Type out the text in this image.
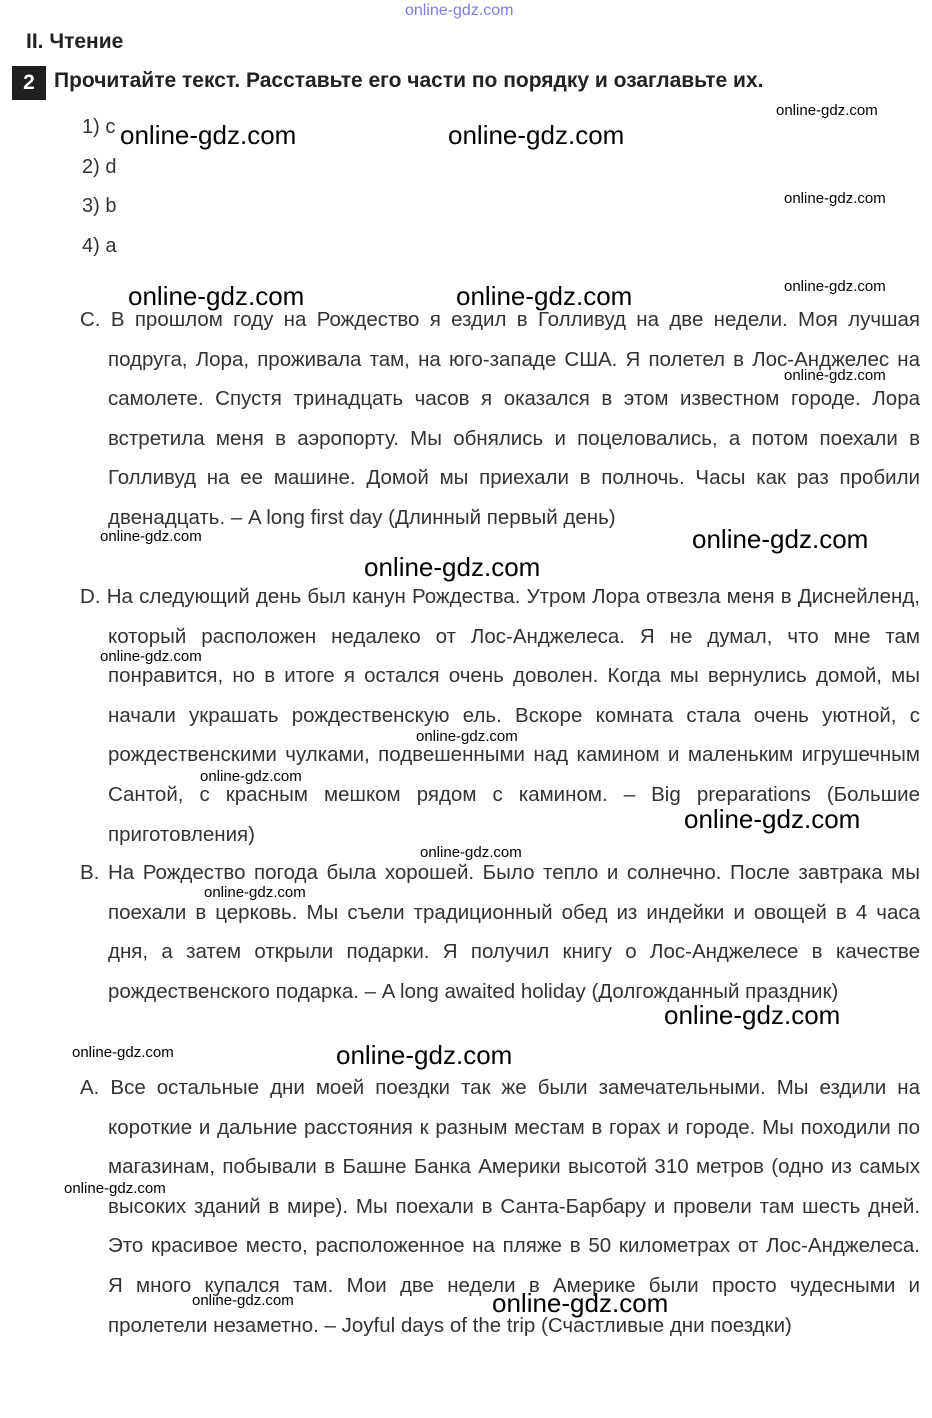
II. Чтение
2 Прочитайте текст. Расставьте его части по порядку и озаглавьте их.
1) c
2) d
3) b
4) a

C. В прошлом году на Рождество я ездил в Голливуд на две недели. Моя лучшая подруга, Лора, проживала там, на юго-западе США. Я полетел в Лос-Анджелес на самолете. Спустя тринадцать часов я оказался в этом известном городе. Лора встретила меня в аэропорту. Мы обнялись и поцеловались, а потом поехали в Голливуд на ее машине. Домой мы приехали в полночь. Часы как раз пробили двенадцать. – A long first day (Длинный первый день)

D. На следующий день был канун Рождества. Утром Лора отвезла меня в Диснейленд, который расположен недалеко от Лос-Анджелеса. Я не думал, что мне там понравится, но в итоге я остался очень доволен. Когда мы вернулись домой, мы начали украшать рождественскую ель. Вскоре комната стала очень уютной, с рождественскими чулками, подвешенными над камином и маленьким игрушечным Сантой, с красным мешком рядом с камином. – Big preparations (Большие приготовления)

B. На Рождество погода была хорошей. Было тепло и солнечно. После завтрака мы поехали в церковь. Мы съели традиционный обед из индейки и овощей в 4 часа дня, а затем открыли подарки. Я получил книгу о Лос-Анджелесе в качестве рождественского подарка. – A long awaited holiday (Долгожданный праздник)

A. Все остальные дни моей поездки так же были замечательными. Мы ездили на короткие и дальние расстояния к разным местам в горах и городе. Мы походили по магазинам, побывали в Башне Банка Америки высотой 310 метров (одно из самых высоких зданий в мире). Мы поехали в Санта-Барбару и провели там шесть дней. Это красивое место, расположенное на пляже в 50 километрах от Лос-Анджелеса. Я много купался там. Мои две недели в Америке были просто чудесными и пролетели незаметно. – Joyful days of the trip (Счастливые дни поездки)

online-gdz.com
online-gdz.com
online-gdz.com	online-gdz.com
online-gdz.com
online-gdz.com
online-gdz.com	online-gdz.com
online-gdz.com
online-gdz.com	online-gdz.com
online-gdz.com
online-gdz.com
online-gdz.com
online-gdz.com
online-gdz.com
online-gdz.com
online-gdz.com
online-gdz.com
online-gdz.com	online-gdz.com
online-gdz.com
online-gdz.com	online-gdz.com
